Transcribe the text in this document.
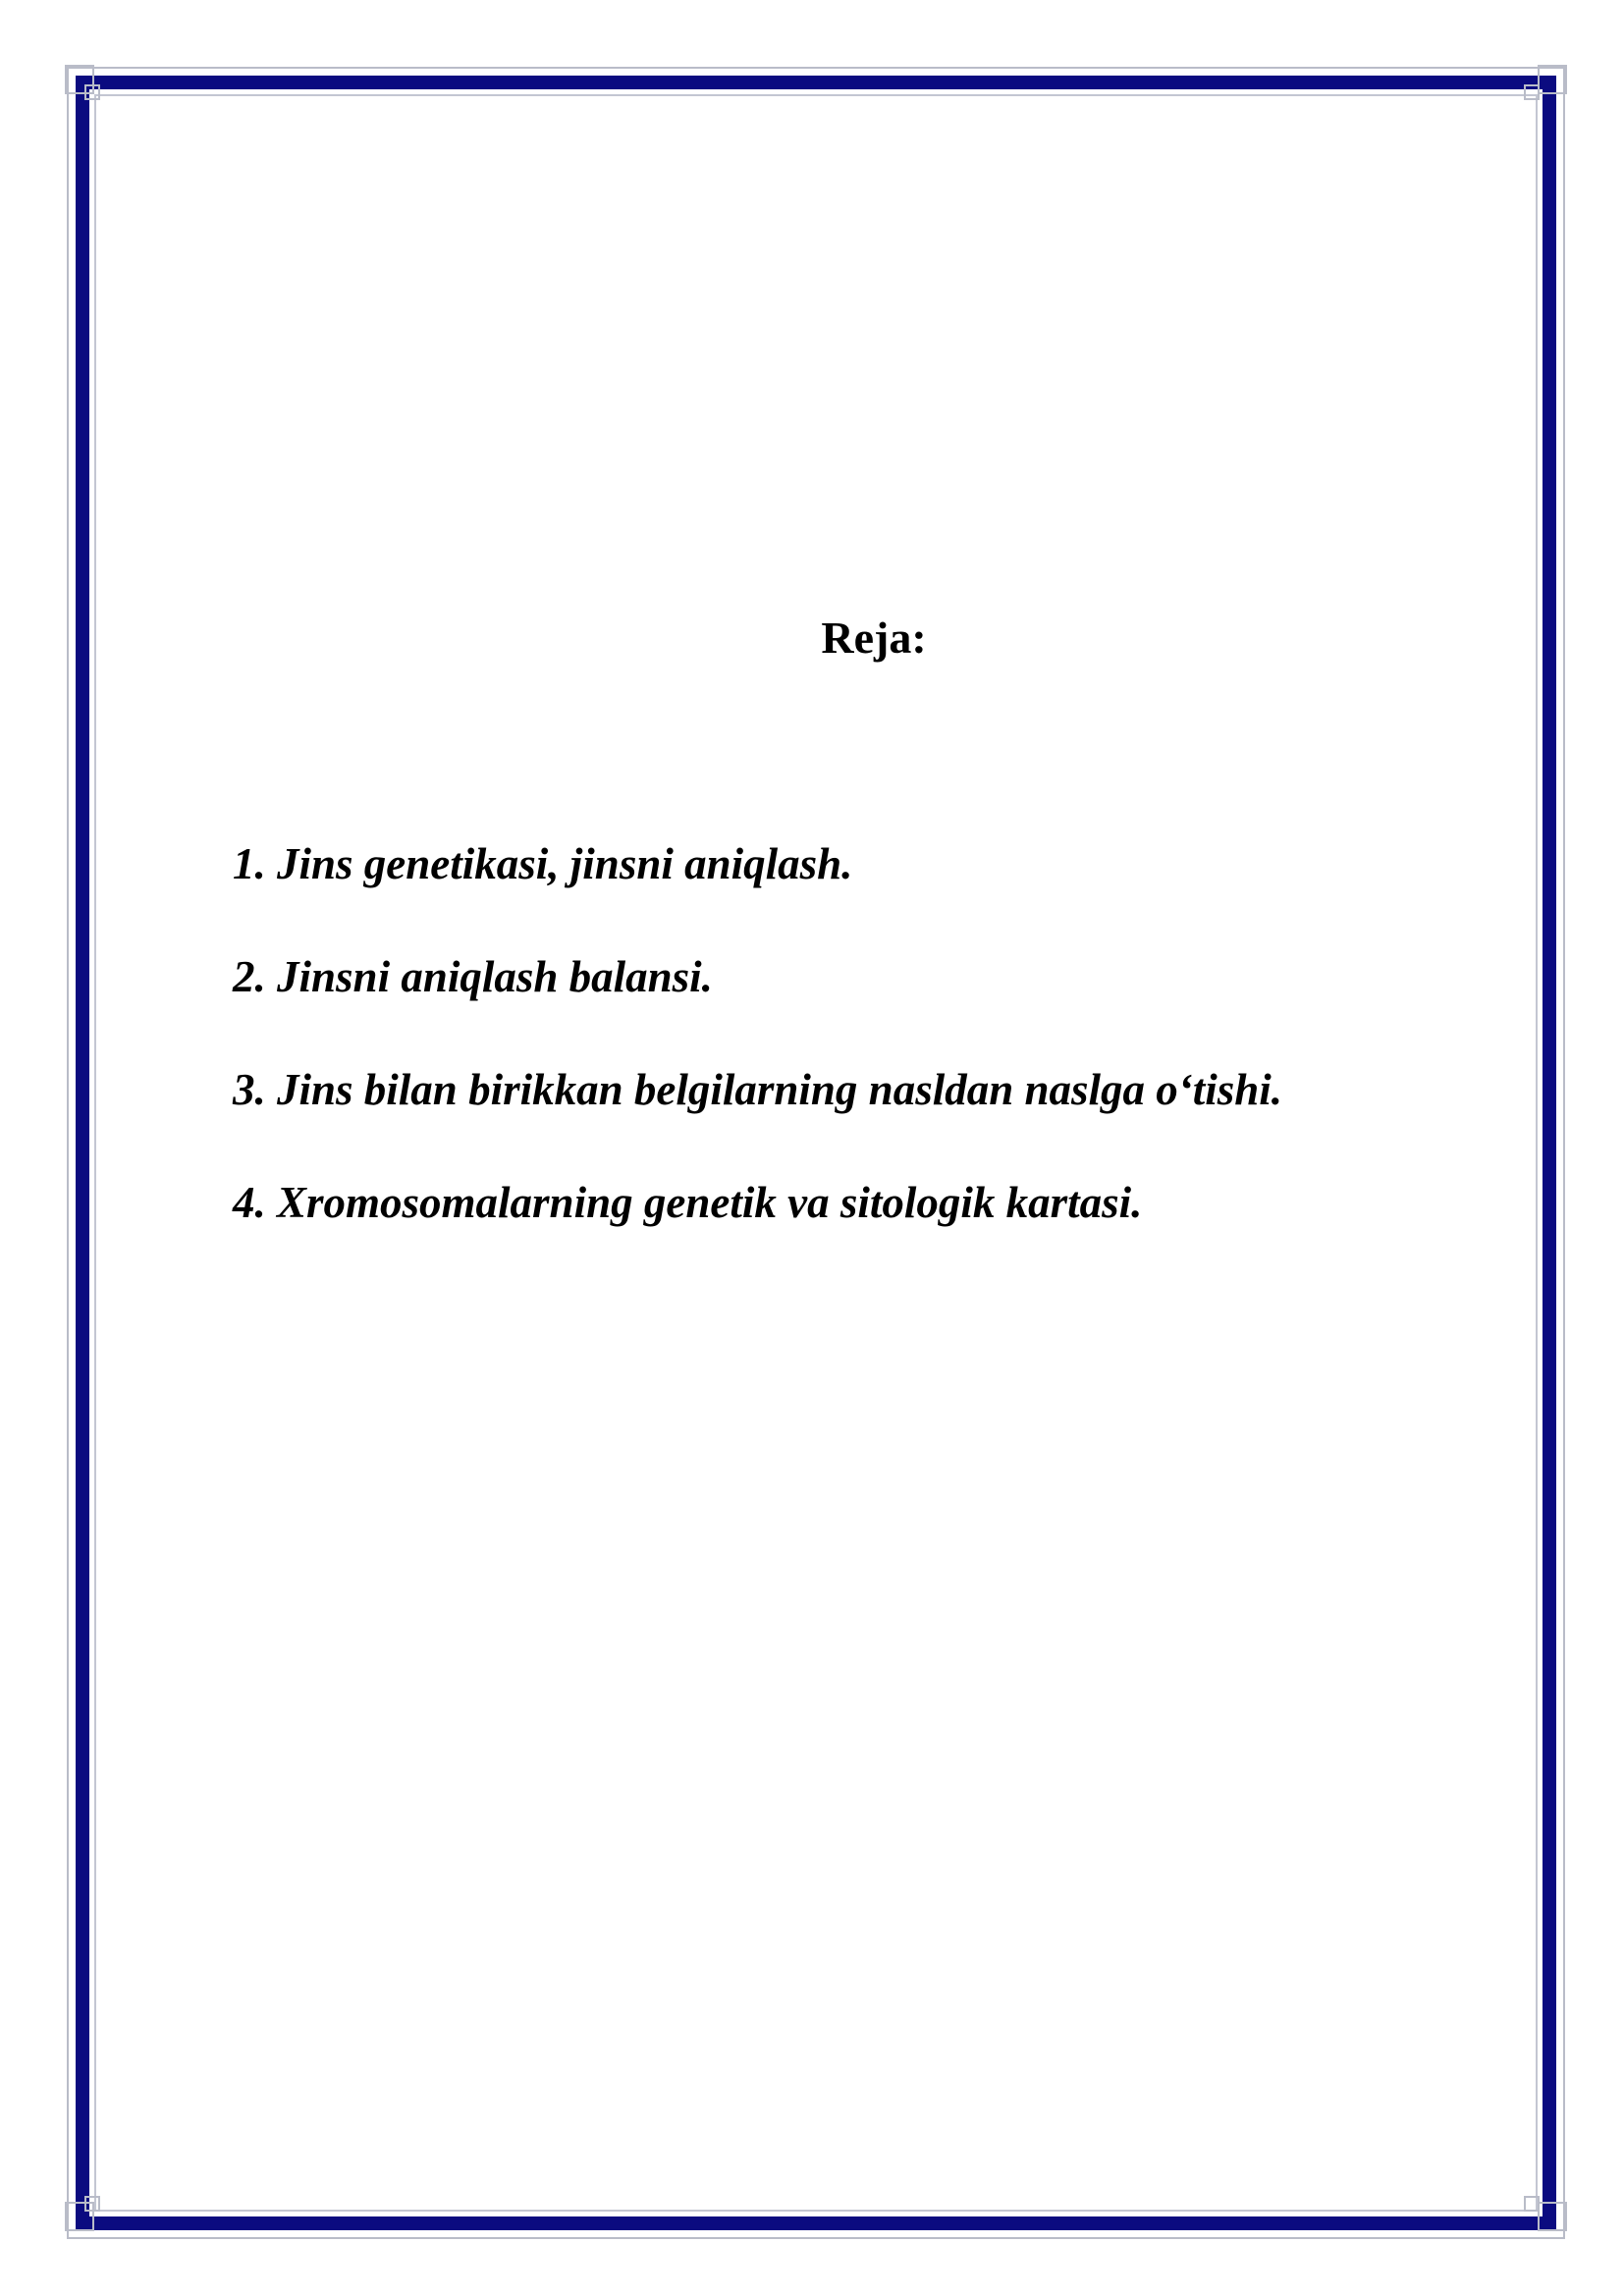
Reja:
1. Jins genetikasi, jinsni aniqlash.
2. Jinsni aniqlash balansi.
3. Jins bilan birikkan belgilarning nasldan naslga o‘tishi.
4. Xromosomalarning genetik va sitologik kartasi.
